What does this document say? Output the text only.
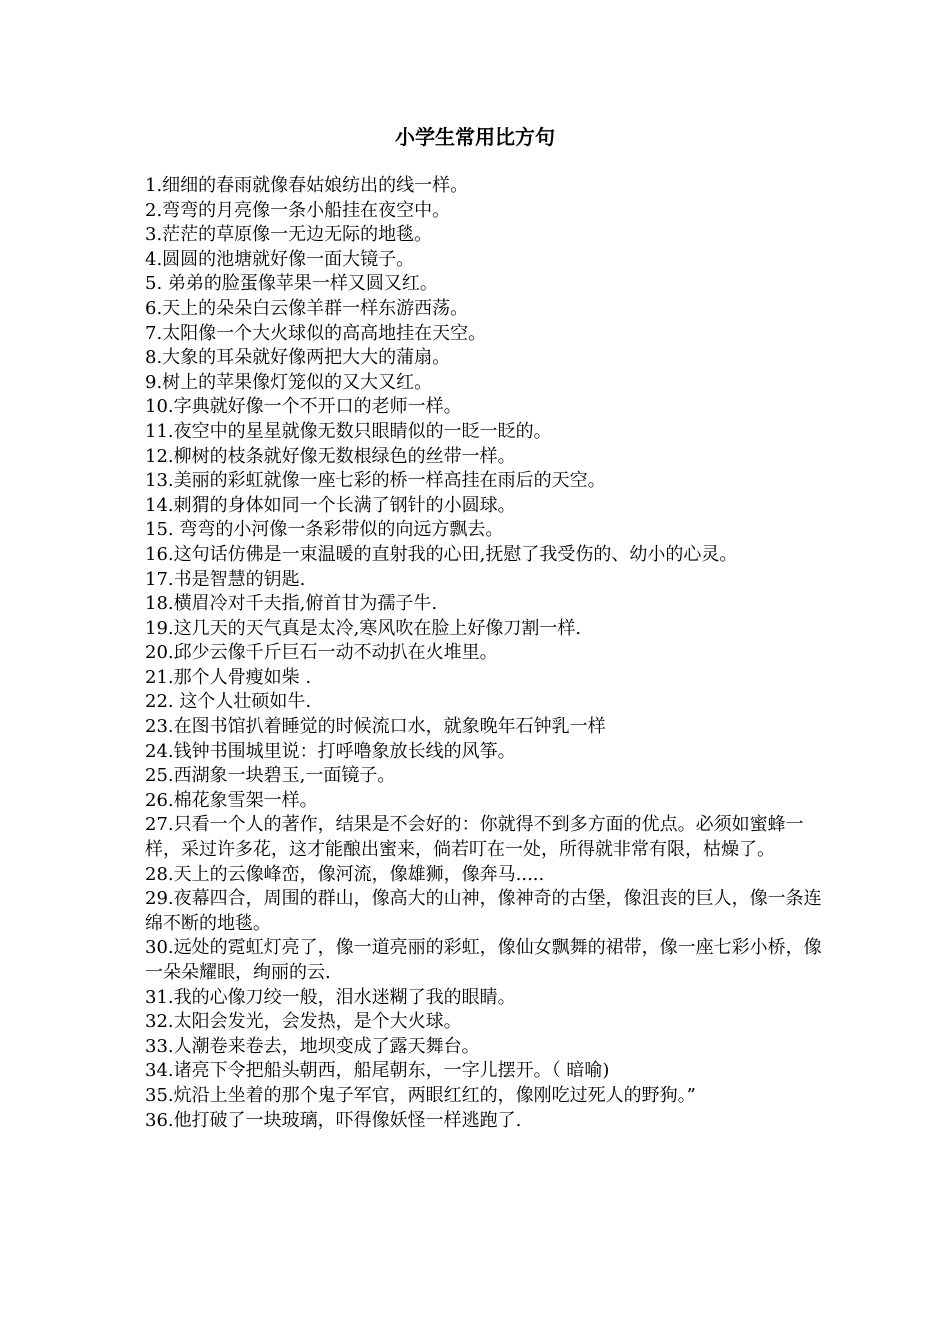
小学生常用比方句

1.细细的春雨就像春姑娘纺出的线一样。

2.弯弯的月亮像一条小船挂在夜空中。

3.茫茫的草原像一无边无际的地毯。

4.圆圆的池塘就好像一面大镜子。

5. 弟弟的脸蛋像苹果一样又圆又红。

6.天上的朵朵白云像羊群一样东游西荡。

7.太阳像一个大火球似的高高地挂在天空。

8.大象的耳朵就好像两把大大的蒲扇。

9.树上的苹果像灯笼似的又大又红。

10.字典就好像一个不开口的老师一样。

11.夜空中的星星就像无数只眼睛似的一眨一眨的。

12.柳树的枝条就好像无数根绿色的丝带一样。

13.美丽的彩虹就像一座七彩的桥一样高挂在雨后的天空。

14.刺猬的身体如同一个长满了钢针的小圆球。

15. 弯弯的小河像一条彩带似的向远方飘去。

16.这句话仿佛是一束温暖的直射我的心田,抚慰了我受伤的、幼小的心灵。

17.书是智慧的钥匙.

18.横眉冷对千夫指,俯首甘为孺子牛.

19.这几天的天气真是太冷,寒风吹在脸上好像刀割一样.

20.邱少云像千斤巨石一动不动扒在火堆里。

21.那个人骨瘦如柴 .

22. 这个人壮硕如牛.

23.在图书馆扒着睡觉的时候流口水，就象晚年石钟乳一样

24.钱钟书围城里说：打呼噜象放长线的风筝。

25.西湖象一块碧玉,一面镜子。

26.棉花象雪架一样。

27.只看一个人的著作，结果是不会好的：你就得不到多方面的优点。必须如蜜蜂一样，采过许多花，这才能酿出蜜来，倘若叮在一处，所得就非常有限，枯燥了。

28.天上的云像峰峦，像河流，像雄狮，像奔马.....

29.夜幕四合，周围的群山，像高大的山神，像神奇的古堡，像沮丧的巨人，像一条连绵不断的地毯。

30.远处的霓虹灯亮了，像一道亮丽的彩虹，像仙女飘舞的裙带，像一座七彩小桥，像一朵朵耀眼，绚丽的云.

31.我的心像刀绞一般，泪水迷糊了我的眼睛。

32.太阳会发光，会发热，是个大火球。

33.人潮卷来卷去，地坝变成了露天舞台。

34.诸亮下令把船头朝西，船尾朝东，一字儿摆开。（ 暗喻)

35.炕沿上坐着的那个鬼子军官，两眼红红的，像刚吃过死人的野狗。”

36.他打破了一块玻璃，吓得像妖怪一样逃跑了.
